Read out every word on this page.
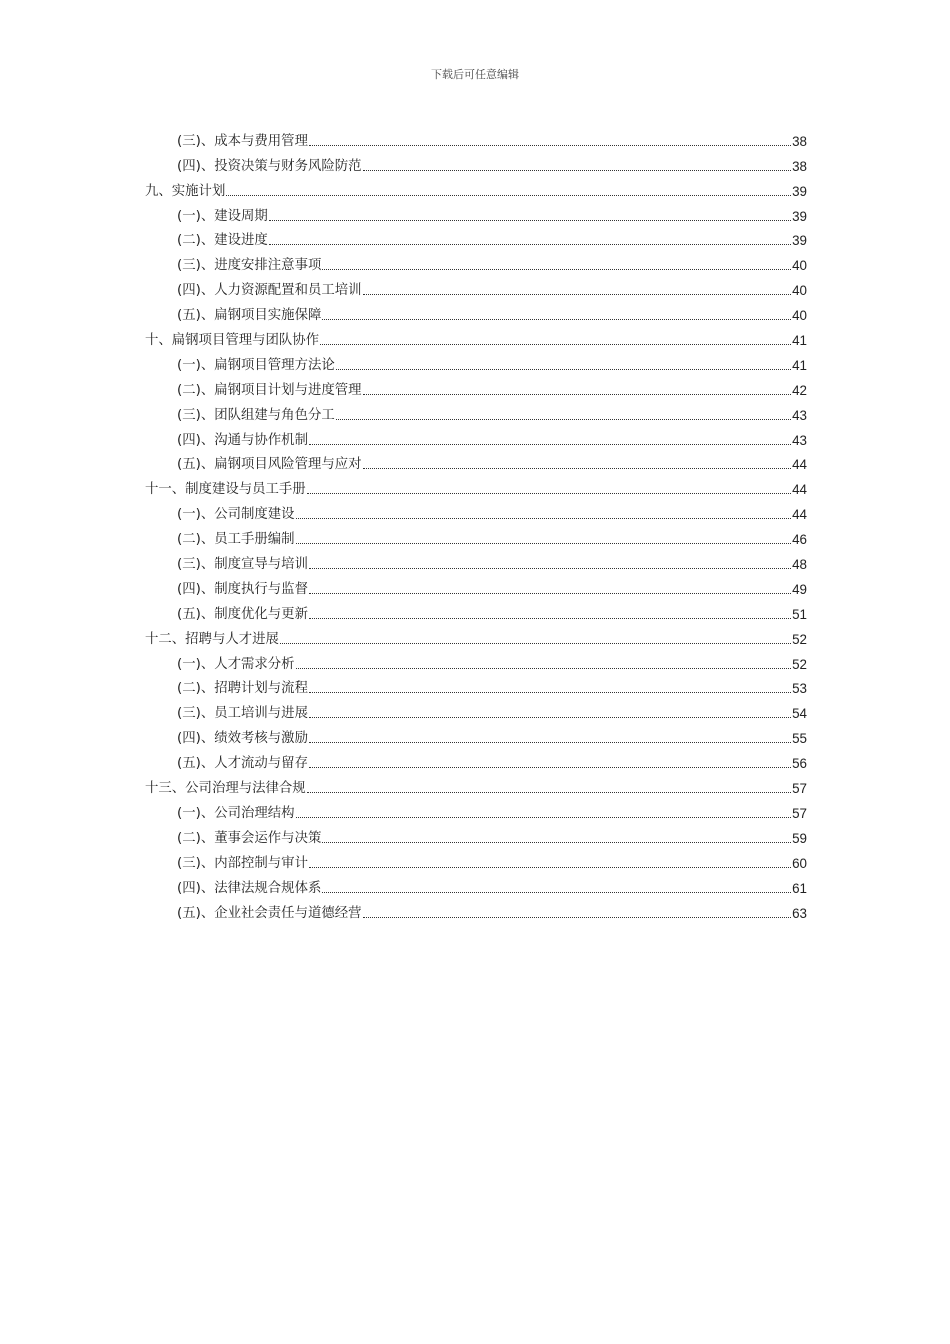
下载后可任意编辑
(三)、成本与费用管理	38
(四)、投资决策与财务风险防范	38
九、实施计划	39
(一)、建设周期	39
(二)、建设进度	39
(三)、进度安排注意事项	40
(四)、人力资源配置和员工培训	40
(五)、扁钢项目实施保障	40
十、扁钢项目管理与团队协作	41
(一)、扁钢项目管理方法论	41
(二)、扁钢项目计划与进度管理	42
(三)、团队组建与角色分工	43
(四)、沟通与协作机制	43
(五)、扁钢项目风险管理与应对	44
十一、制度建设与员工手册	44
(一)、公司制度建设	44
(二)、员工手册编制	46
(三)、制度宣导与培训	48
(四)、制度执行与监督	49
(五)、制度优化与更新	51
十二、招聘与人才进展	52
(一)、人才需求分析	52
(二)、招聘计划与流程	53
(三)、员工培训与进展	54
(四)、绩效考核与激励	55
(五)、人才流动与留存	56
十三、公司治理与法律合规	57
(一)、公司治理结构	57
(二)、董事会运作与决策	59
(三)、内部控制与审计	60
(四)、法律法规合规体系	61
(五)、企业社会责任与道德经营	63
